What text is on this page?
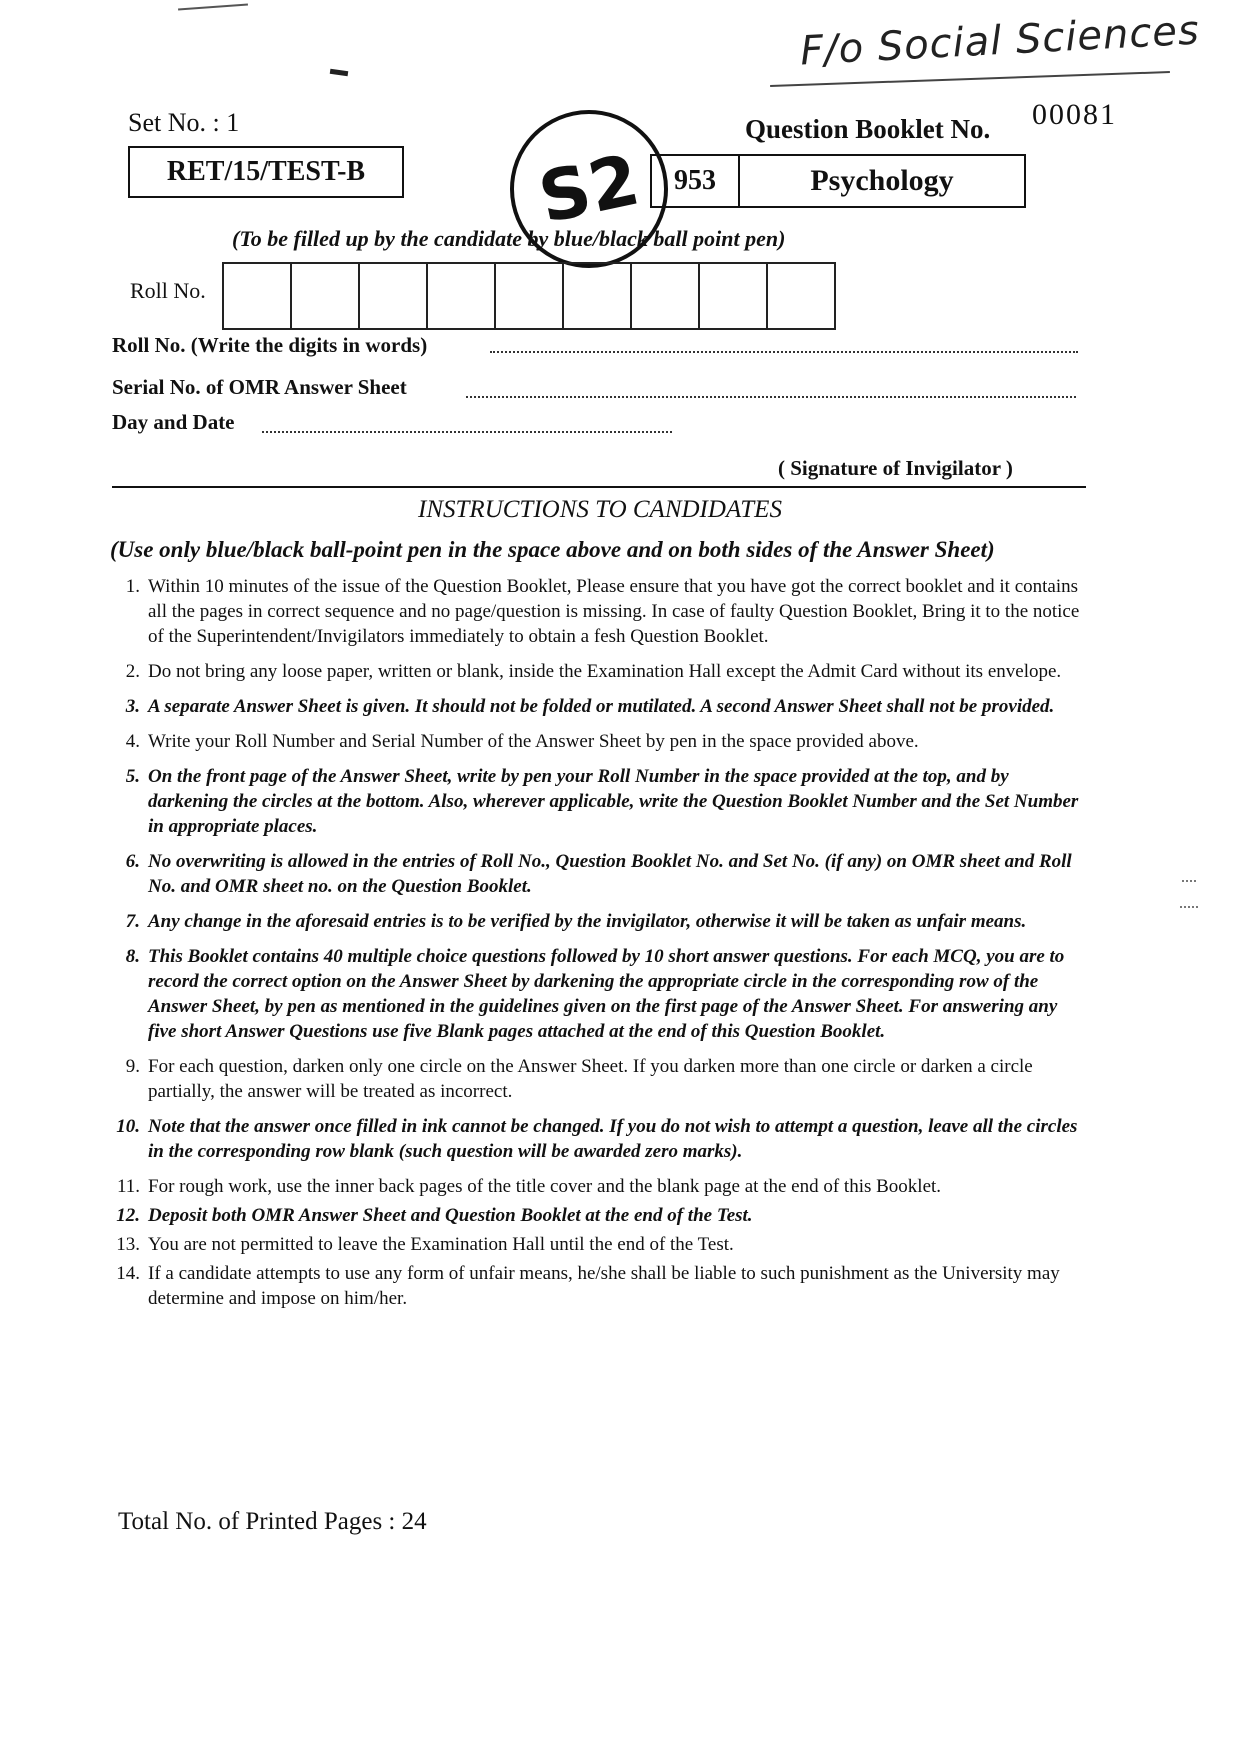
F/o Social Sciences
Set No. : 1	Question Booklet No. 00081
RET/15/TEST-B	S2 953	Psychology
(To be filled up by the candidate by blue/black ball point pen)
Roll No.
Roll No. (Write the digits in words)
Serial No. of OMR Answer Sheet
Day and Date
( Signature of Invigilator )
INSTRUCTIONS TO CANDIDATES
(Use only blue/black ball-point pen in the space above and on both sides of the Answer Sheet)
1. Within 10 minutes of the issue of the Question Booklet, Please ensure that you have got the correct booklet and it contains all the pages in correct sequence and no page/question is missing. In case of faulty Question Booklet, Bring it to the notice of the Superintendent/Invigilators immediately to obtain a fesh Question Booklet.
2. Do not bring any loose paper, written or blank, inside the Examination Hall except the Admit Card without its envelope.
3. A separate Answer Sheet is given. It should not be folded or mutilated. A second Answer Sheet shall not be provided.
4. Write your Roll Number and Serial Number of the Answer Sheet by pen in the space provided above.
5. On the front page of the Answer Sheet, write by pen your Roll Number in the space provided at the top, and by darkening the circles at the bottom. Also, wherever applicable, write the Question Booklet Number and the Set Number in appropriate places.
6. No overwriting is allowed in the entries of Roll No., Question Booklet No. and Set No. (if any) on OMR sheet and Roll No. and OMR sheet no. on the Question Booklet.
7. Any change in the aforesaid entries is to be verified by the invigilator, otherwise it will be taken as unfair means.
8. This Booklet contains 40 multiple choice questions followed by 10 short answer questions. For each MCQ, you are to record the correct option on the Answer Sheet by darkening the appropriate circle in the corresponding row of the Answer Sheet, by pen as mentioned in the guidelines given on the first page of the Answer Sheet. For answering any five short Answer Questions use five Blank pages attached at the end of this Question Booklet.
9. For each question, darken only one circle on the Answer Sheet. If you darken more than one circle or darken a circle partially, the answer will be treated as incorrect.
10. Note that the answer once filled in ink cannot be changed. If you do not wish to attempt a question, leave all the circles in the corresponding row blank (such question will be awarded zero marks).
11. For rough work, use the inner back pages of the title cover and the blank page at the end of this Booklet.
12. Deposit both OMR Answer Sheet and Question Booklet at the end of the Test.
13. You are not permitted to leave the Examination Hall until the end of the Test.
14. If a candidate attempts to use any form of unfair means, he/she shall be liable to such punishment as the University may determine and impose on him/her.
Total No. of Printed Pages : 24
